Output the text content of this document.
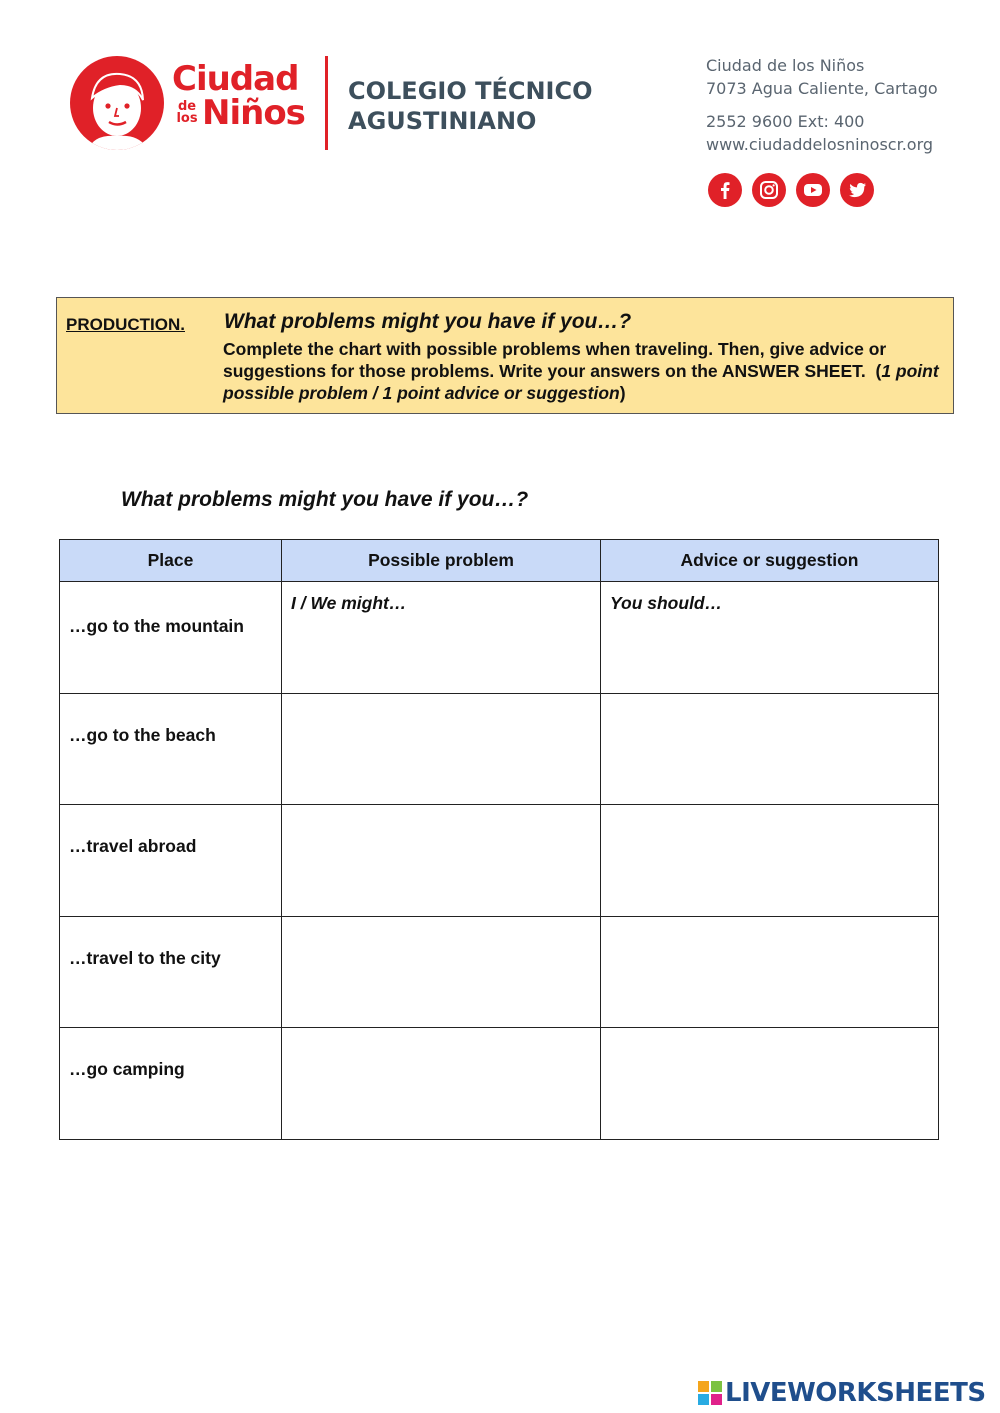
Ciudad
de los Niños
COLEGIO TÉCNICO
AGUSTINIANO
Ciudad de los Niños
7073 Agua Caliente, Cartago
2552 9600 Ext: 400
www.ciudaddelosninoscr.org
PRODUCTION. What problems might you have if you…?
Complete the chart with possible problems when traveling. Then, give advice or suggestions for those problems. Write your answers on the ANSWER SHEET. (1 point possible problem / 1 point advice or suggestion)
What problems might you have if you…?
Place	Possible problem	Advice or suggestion
…go to the mountain	I / We might…	You should…
…go to the beach		
…travel abroad		
…travel to the city		
…go camping		
LIVEWORKSHEETS
